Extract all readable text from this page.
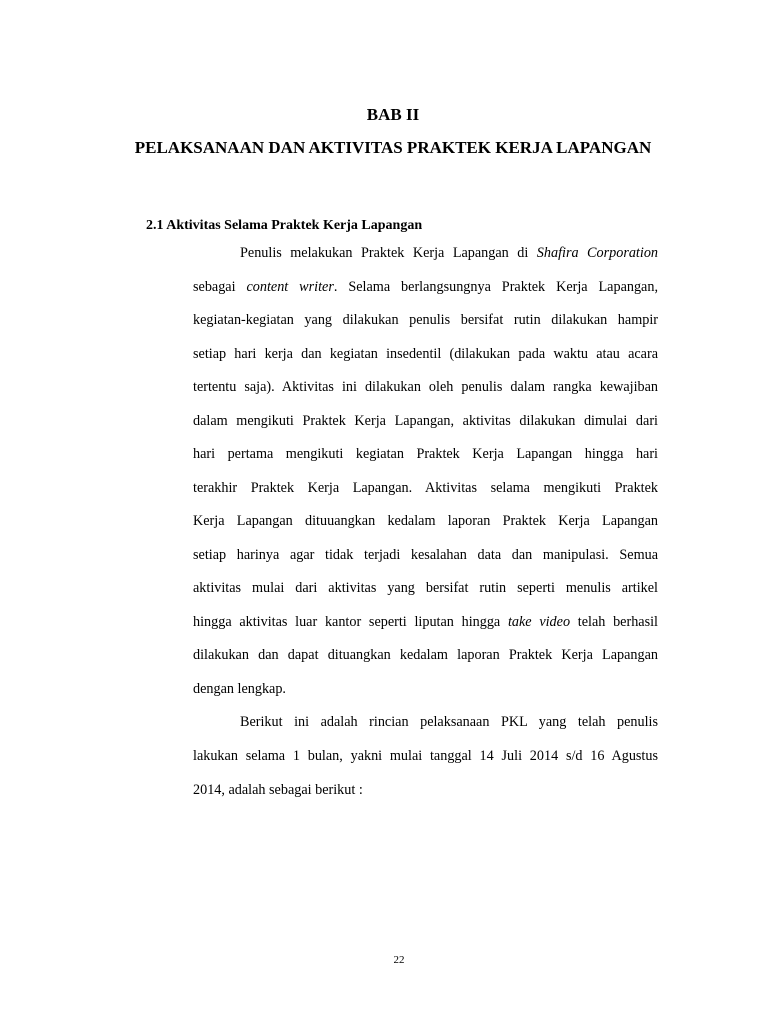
BAB II
PELAKSANAAN DAN AKTIVITAS PRAKTEK KERJA LAPANGAN
2.1 Aktivitas Selama Praktek Kerja Lapangan
Penulis melakukan Praktek Kerja Lapangan di Shafira Corporation
sebagai content writer. Selama berlangsungnya Praktek Kerja Lapangan,
kegiatan-kegiatan yang dilakukan penulis bersifat rutin dilakukan hampir
setiap hari kerja dan kegiatan insedentil (dilakukan pada waktu atau acara
tertentu saja). Aktivitas ini dilakukan oleh penulis dalam rangka kewajiban
dalam mengikuti Praktek Kerja Lapangan, aktivitas dilakukan dimulai dari
hari pertama mengikuti kegiatan Praktek Kerja Lapangan hingga hari
terakhir Praktek Kerja Lapangan. Aktivitas selama mengikuti Praktek
Kerja Lapangan dituuangkan kedalam laporan Praktek Kerja Lapangan
setiap harinya agar tidak terjadi kesalahan data dan manipulasi. Semua
aktivitas mulai dari aktivitas yang bersifat rutin seperti menulis artikel
hingga aktivitas luar kantor seperti liputan hingga take video telah berhasil
dilakukan dan dapat dituangkan kedalam laporan Praktek Kerja Lapangan
dengan lengkap.
Berikut ini adalah rincian pelaksanaan PKL yang telah penulis
lakukan selama 1 bulan, yakni mulai tanggal 14 Juli 2014 s/d 16 Agustus
2014, adalah sebagai berikut :
22
